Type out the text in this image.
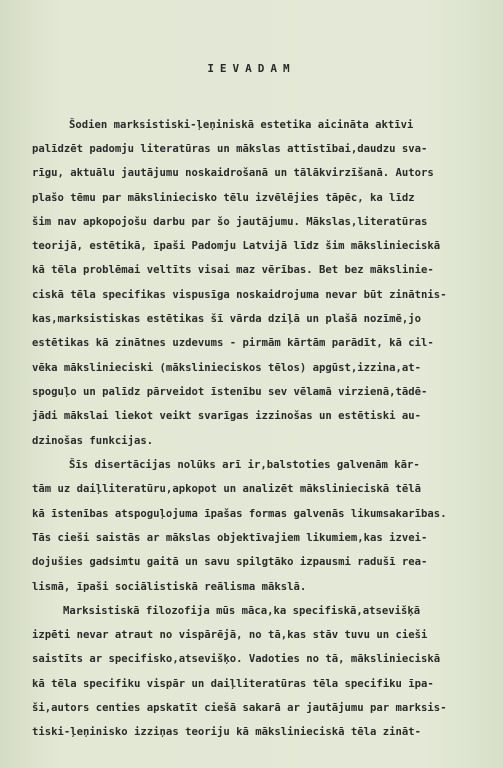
IEVADAM
Šodien marksistiski-ļeņiniskā estetika aicināta aktīvi
palīdzēt padomju literatūras un mākslas attīstībai,daudzu sva-
rīgu, aktuālu jautājumu noskaidrošanā un tālākvirzīšanā. Autors
plašo tēmu par mākslinieciskо tēlu izvēlējies tāpēc, ka līdz
šim nav apkopojošu darbu par šo jautājumu. Mākslas,literatūras
teorijā, estētikā, īpaši Padomju Latvijā līdz šim mākslinieciskā
kā tēla problēmai veltīts visai maz vērības. Bet bez mākslinie-
ciskā tēla specifikas vispusīga noskaidrojuma nevar būt zinātnis-
kas,marksistiskas estētikas šī vārda dziļā un plašā nozīmē,jo
estētikas kā zinātnes uzdevums - pirmām kārtām parādīt, kā cil-
vēka mākslinieciski (mākslinieciskos tēlos) apgūst,izzina,at-
spoguļo un palīdz pārveidot īstenību sev vēlamā virzienā,tādē-
jādi mākslai liekot veikt svarīgas izzinošas un estētiski au-
dzinošas funkcijas.
Šīs disertācijas nolūks arī ir,balstoties galvenām kār-
tām uz daiļliteratūru,apkopot un analizēt mākslinieciskā tēlā
kā īstenības atspoguļojuma īpašas formas galvenās likumsakarības.
Tās cieši saistās ar mākslas objektīvajiem likumiem,kas izvei-
dojušies gadsimtu gaitā un savu spilgtāko izpausmi radušī rea-
lismā, īpaši sociālistiskā reālisma mākslā.
Marksistiskā filozofija mūs māca,ka specifiskā,atsevišķā
izpēti nevar atraut no vispārējā, no tā,kas stāv tuvu un cieši
saistīts ar specifisko,atsevišķo. Vadoties no tā, mākslinieciskā
kā tēla specifiku vispār un daiļliteratūras tēla specifiku īpa-
ši,autors centies apskatīt ciešā sakarā ar jautājumu par marksis-
tiski-ļeņinisko izziņas teoriju kā mākslinieciskā tēla zināt-
